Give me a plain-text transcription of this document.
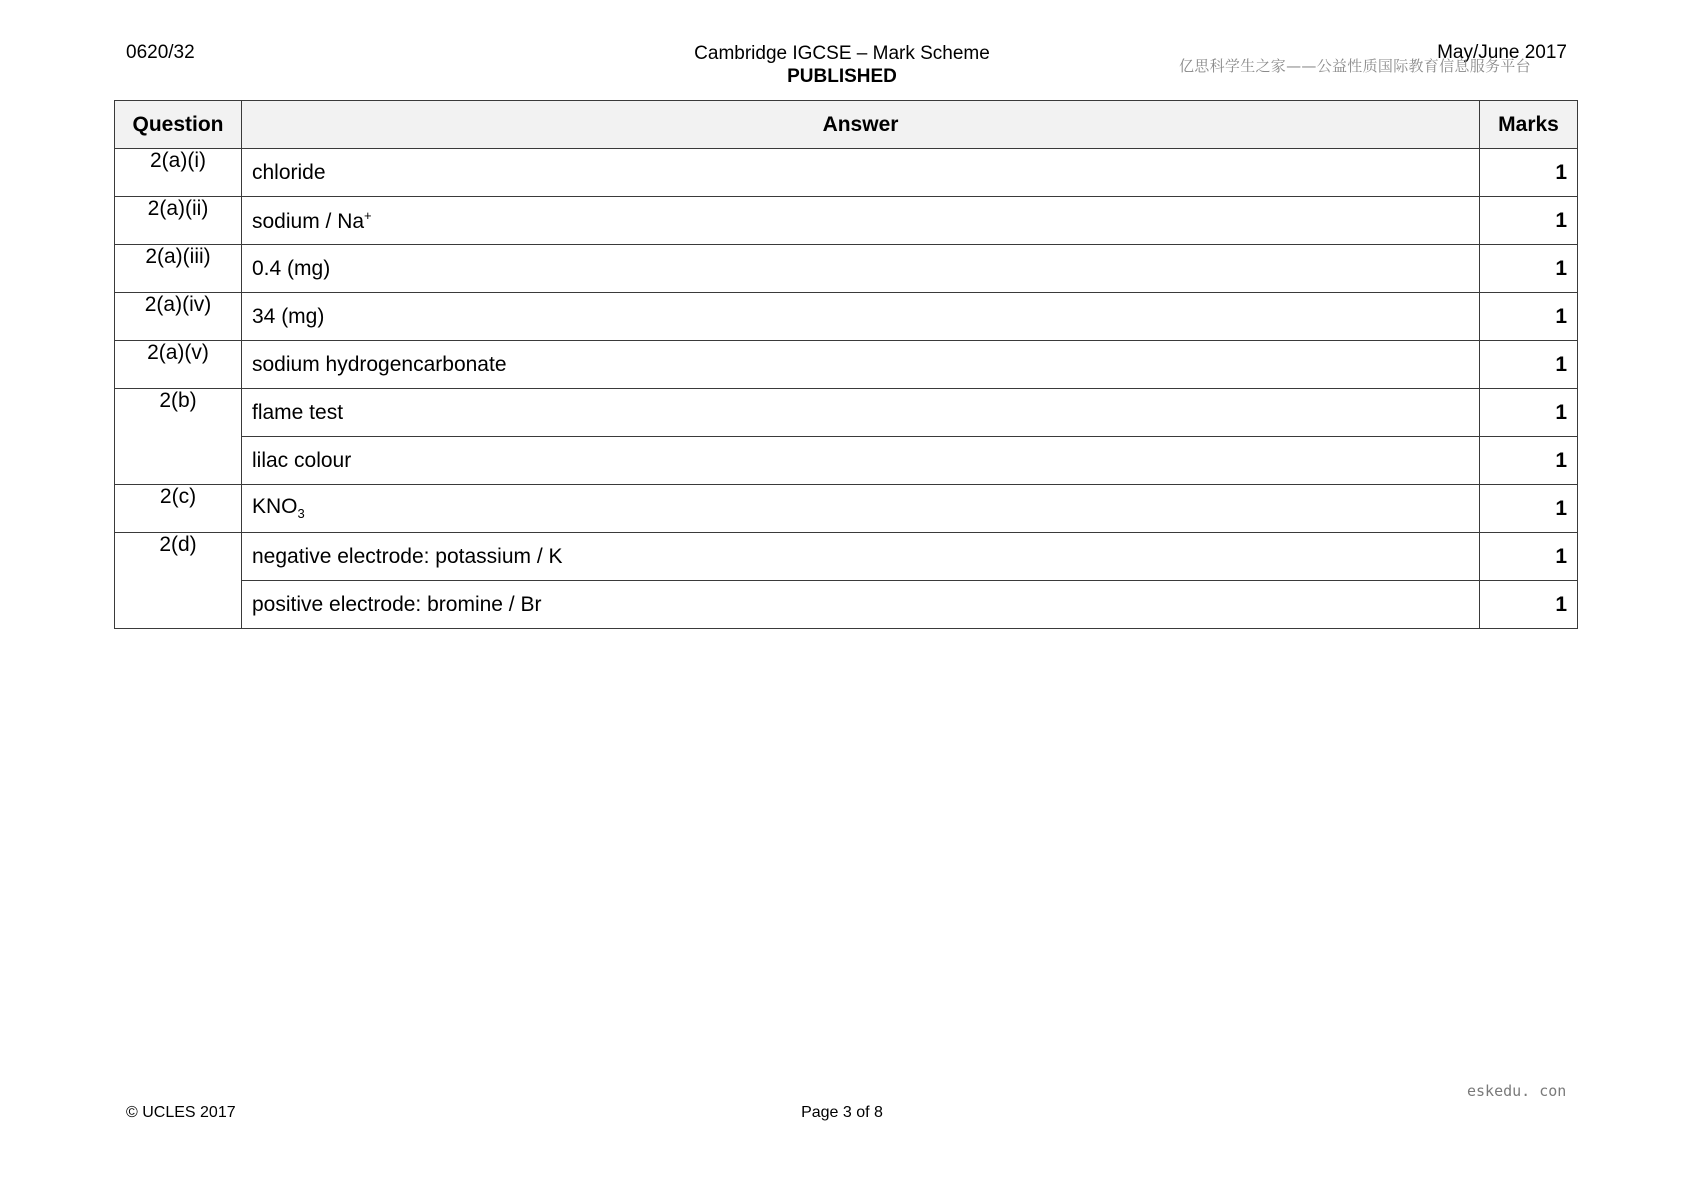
0620/32	Cambridge IGCSE – Mark Scheme
PUBLISHED
May/June 2017
亿思科学生之家——公益性质国际教育信息服务平台
Question	Answer	Marks
2(a)(i)	chloride	1
2(a)(ii)	sodium / Na+	1
2(a)(iii)	0.4 (mg)	1
2(a)(iv)	34 (mg)	1
2(a)(v)	sodium hydrogencarbonate	1
2(b)	flame test	1
	lilac colour	1
2(c)	$KNO_3$	1
2(d)	negative electrode: potassium / K	1
	positive electrode: bromine / Br	1
eskedu. con
© UCLES 2017	Page 3 of 8
